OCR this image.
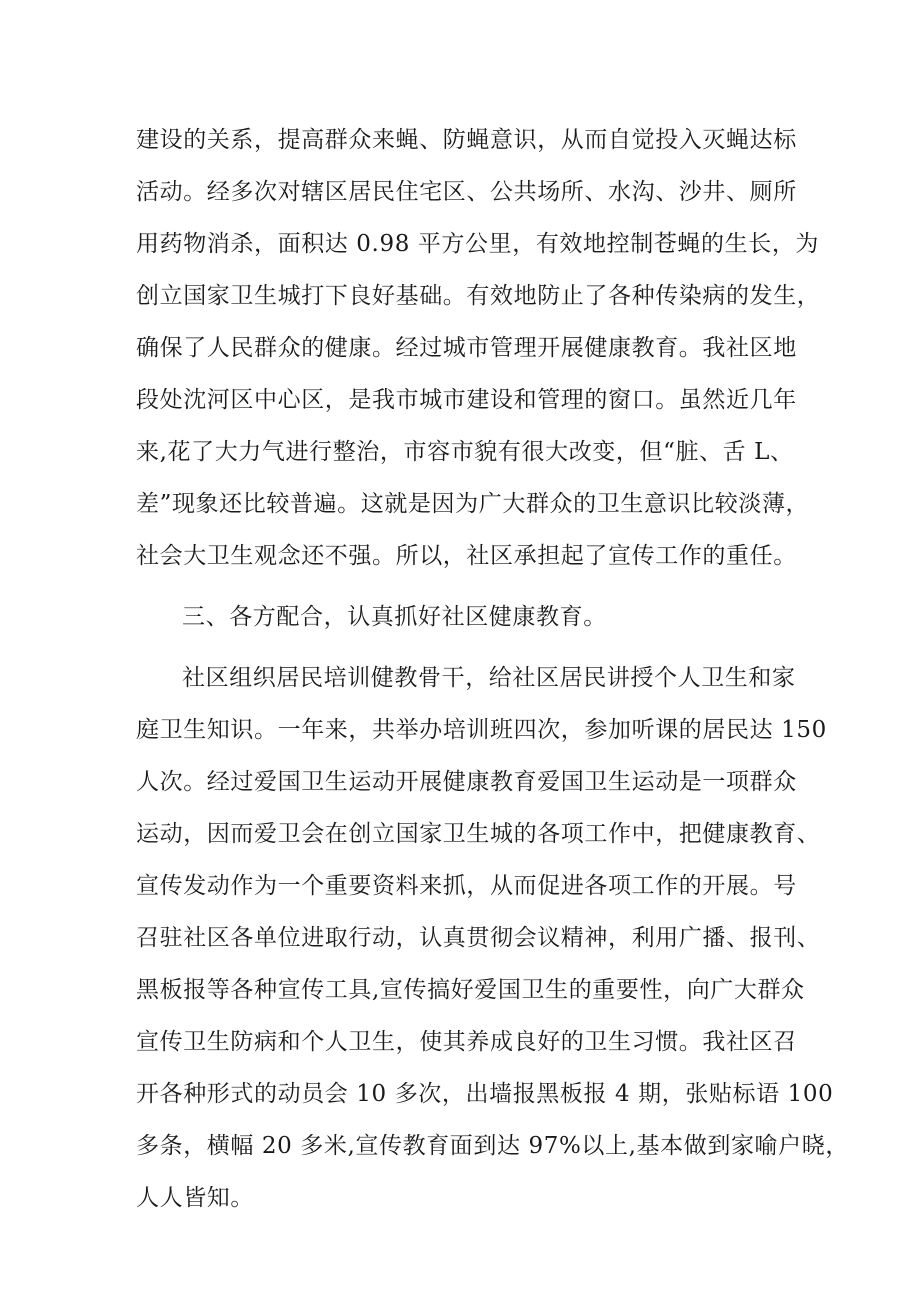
建设的关系，提高群众来蝇、防蝇意识，从而自觉投入灭蝇达标

活动。经多次对辖区居民住宅区、公共场所、水沟、沙井、厕所

用药物消杀，面积达 0.98 平方公里，有效地控制苍蝇的生长，为

创立国家卫生城打下良好基础。有效地防止了各种传染病的发生，

确保了人民群众的健康。经过城市管理开展健康教育。我社区地

段处沈河区中心区，是我市城市建设和管理的窗口。虽然近几年

来,花了大力气进行整治，市容市貌有很大改变，但“脏、舌 L、

差”现象还比较普遍。这就是因为广大群众的卫生意识比较淡薄，

社会大卫生观念还不强。所以，社区承担起了宣传工作的重任。

三、各方配合，认真抓好社区健康教育。

社区组织居民培训健教骨干，给社区居民讲授个人卫生和家

庭卫生知识。一年来，共举办培训班四次，参加听课的居民达 150

人次。经过爱国卫生运动开展健康教育爱国卫生运动是一项群众

运动，因而爱卫会在创立国家卫生城的各项工作中，把健康教育、

宣传发动作为一个重要资料来抓，从而促进各项工作的开展。号

召驻社区各单位进取行动，认真贯彻会议精神，利用广播、报刊、

黑板报等各种宣传工具,宣传搞好爱国卫生的重要性，向广大群众

宣传卫生防病和个人卫生，使其养成良好的卫生习惯。我社区召

开各种形式的动员会 10 多次，出墙报黑板报 4 期，张贴标语 100

多条，横幅 20 多米,宣传教育面到达 97%以上,基本做到家喻户晓，

人人皆知。
